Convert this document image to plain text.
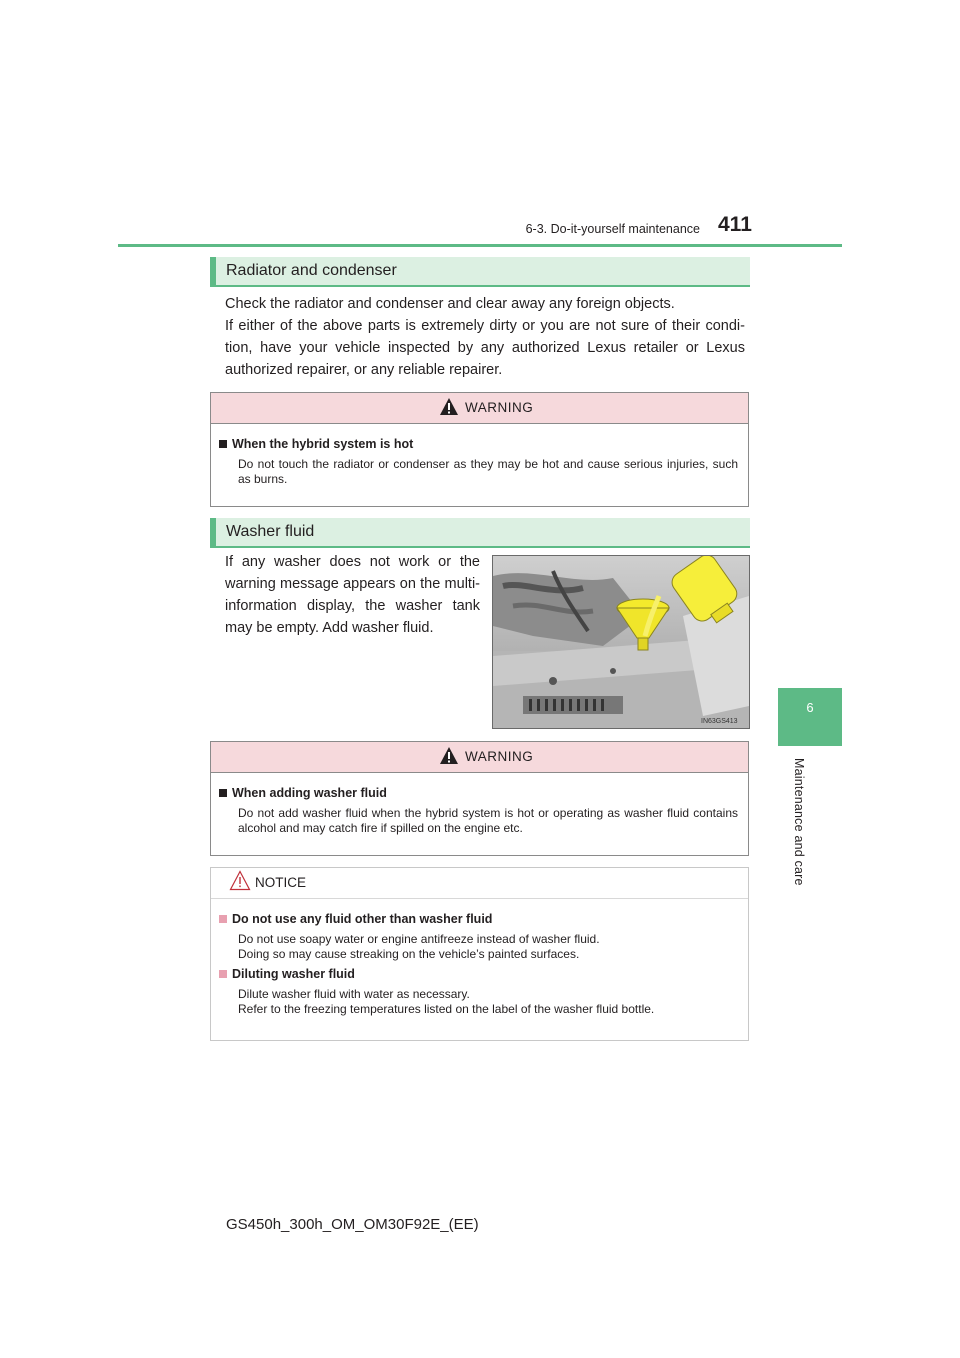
6-3. Do-it-yourself maintenance 411
6
Maintenance and care
Radiator and condenser

Check the radiator and condenser and clear away any foreign objects.

If either of the above parts is extremely dirty or you are not sure of their condi-tion, have your vehicle inspected by any authorized Lexus retailer or Lexus authorized repairer, or any reliable repairer.

WARNING
When the hybrid system is hot
Do not touch the radiator or condenser as they may be hot and cause serious injuries, such as burns.
Washer fluid
If any washer does not work or the warning message appears on the multi-information display, the washer tank may be empty. Add washer fluid.
IN63GS413
WARNING
When adding washer fluid
Do not add washer fluid when the hybrid system is hot or operating as washer fluid contains alcohol and may catch fire if spilled on the engine etc.
NOTICE
Do not use any fluid other than washer fluid
Do not use soapy water or engine antifreeze instead of washer fluid.
Doing so may cause streaking on the vehicle’s painted surfaces.
Diluting washer fluid
Dilute washer fluid with water as necessary.
Refer to the freezing temperatures listed on the label of the washer fluid bottle.
GS450h_300h_OM_OM30F92E_(EE)
